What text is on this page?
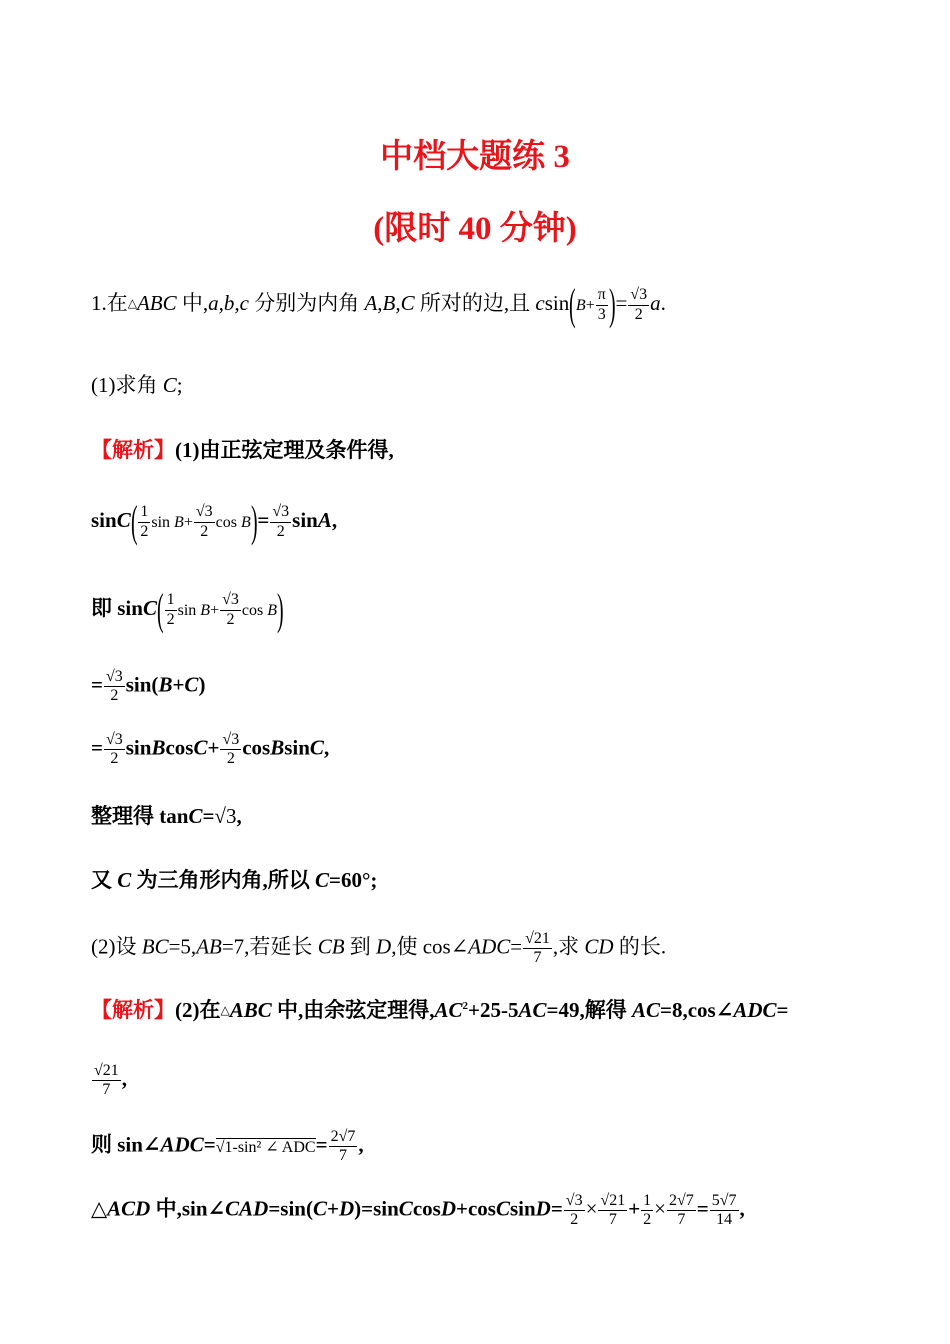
中档大题练 3
(限时 40 分钟)
1.在△ABC 中,a,b,c 分别为内角 A,B,C 所对的边,且 $csin(B+ \frac{\pi}{3}$ )= $\frac{√3}{2} a$.
(1)求角 C;
【解析】(1)由正弦定理及条件得,
$\sin C( \frac{1}{2}$ $\sin B+ \frac{√3}{2}$ $\cos B)= \frac{√3}{2} \sin A$,
即 $\sin C( \frac{1}{2}$ $\sin B+ \frac{√3}{2}$ cos B)
= $\frac{√3}{2} \sin(B+C)$
= $\frac{√3}{2}$ sinBcosC+ $\frac{√3}{2}$ cosBsinC,
整理得 tanC=√3,
又 C 为三角形内角,所以 C=60°;
(2)设 BC=5,AB=7,若延长 CB 到 D,使 cos∠ADC= $\frac{√21}{7}$ ,求 CD 的长.
【解析】(2)在△ABC 中,由余弦定理得$,AC^2+25-5AC=49$,解得 AC=8,cos∠ADC=
$\frac{√21}{7}$ ,
则 sin∠ADC=√1-sin² ∠ $ADC= \frac{2√7}{7}$ ,
△ACD 中,sin∠CAD=sin(C+D)=sinCcosD+cosCsinD= $\frac{√3}{2} \times \frac{√21}{7} + \frac{1}{2} \times \frac{2√7}{7} = \frac{5√7}{14}$ ,
